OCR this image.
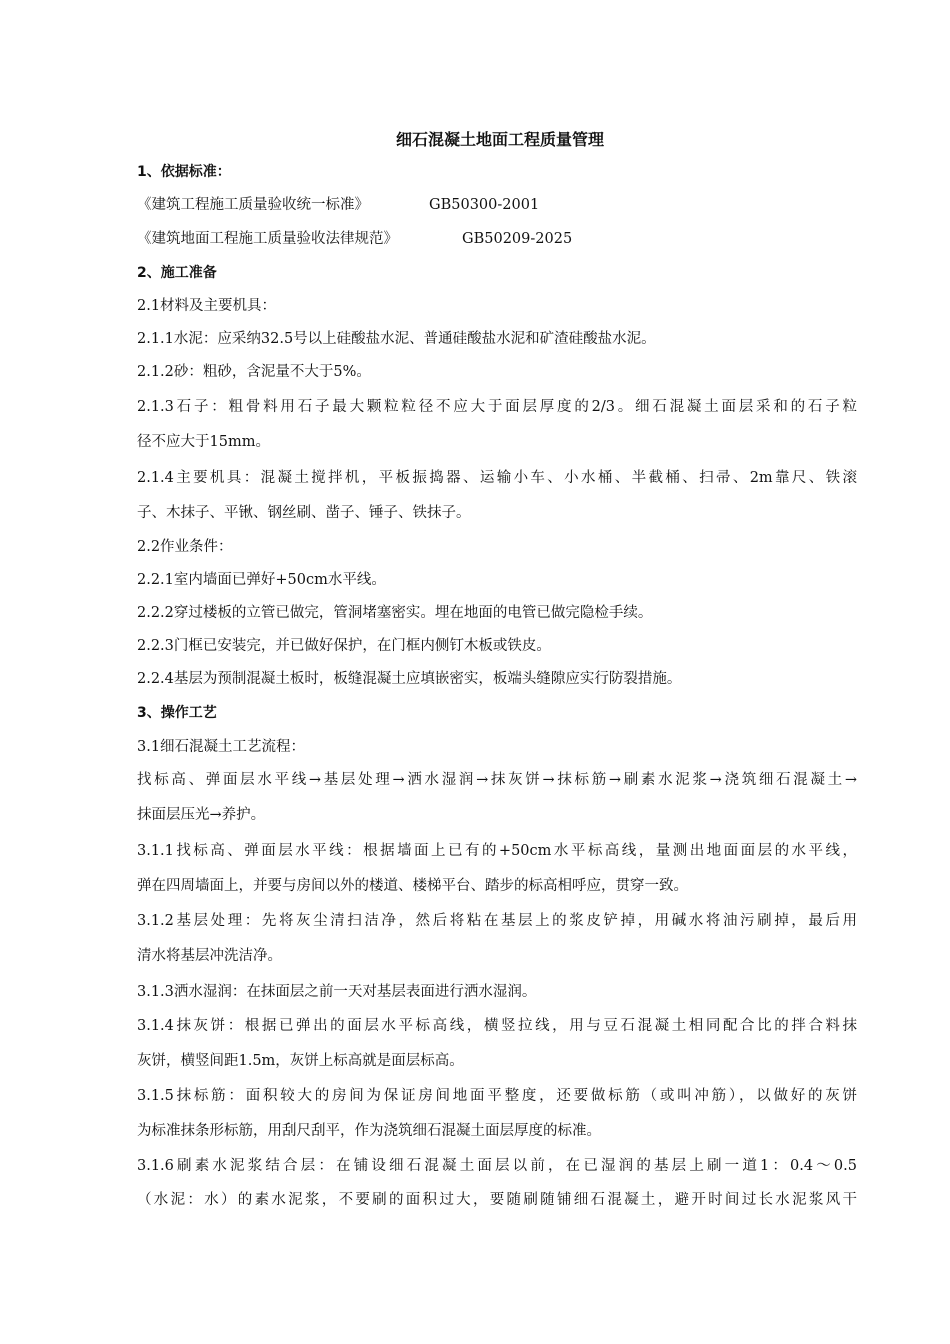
细石混凝土地面工程质量管理
1、依据标准：
《建筑工程施工质量验收统一标准》	GB50300-2001
《建筑地面工程施工质量验收法律规范》	GB50209-2025
2、施工准备
2.1材料及主要机具：
2.1.1水泥：应采纳32.5号以上硅酸盐水泥、普通硅酸盐水泥和矿渣硅酸盐水泥。
2.1.2砂：粗砂，含泥量不大于5%。
2.1.3石子：粗骨料用石子最大颗粒粒径不应大于面层厚度的2/3。细石混凝土面层采和的石子粒
径不应大于15mm。
2.1.4主要机具：混凝土搅拌机，平板振捣器、运输小车、小水桶、半截桶、扫帚、2m靠尺、铁滚
子、木抹子、平锹、钢丝刷、凿子、锤子、铁抹子。
2.2作业条件：
2.2.1室内墙面已弹好+50cm水平线。
2.2.2穿过楼板的立管已做完，管洞堵塞密实。埋在地面的电管已做完隐检手续。
2.2.3门框已安装完，并已做好保护，在门框内侧钉木板或铁皮。
2.2.4基层为预制混凝土板时，板缝混凝土应填嵌密实，板端头缝隙应实行防裂措施。
3、操作工艺
3.1细石混凝土工艺流程：
找标高、弹面层水平线→基层处理→洒水湿润→抹灰饼→抹标筋→刷素水泥浆→浇筑细石混凝土→
抹面层压光→养护。
3.1.1找标高、弹面层水平线：根据墙面上已有的+50cm水平标高线，量测出地面面层的水平线，
弹在四周墙面上，并要与房间以外的楼道、楼梯平台、踏步的标高相呼应，贯穿一致。
3.1.2基层处理：先将灰尘清扫洁净，然后将粘在基层上的浆皮铲掉，用碱水将油污刷掉，最后用
清水将基层冲洗洁净。
3.1.3洒水湿润：在抹面层之前一天对基层表面进行洒水湿润。
3.1.4抹灰饼：根据已弹出的面层水平标高线，横竖拉线，用与豆石混凝土相同配合比的拌合料抹
灰饼，横竖间距1.5m，灰饼上标高就是面层标高。
3.1.5抹标筋：面积较大的房间为保证房间地面平整度，还要做标筋（或叫冲筋），以做好的灰饼
为标准抹条形标筋，用刮尺刮平，作为浇筑细石混凝土面层厚度的标准。
3.1.6刷素水泥浆结合层：在铺设细石混凝土面层以前，在已湿润的基层上刷一道1：0.4～0.5
（水泥：水）的素水泥浆，不要刷的面积过大，要随刷随铺细石混凝土，避开时间过长水泥浆风干
